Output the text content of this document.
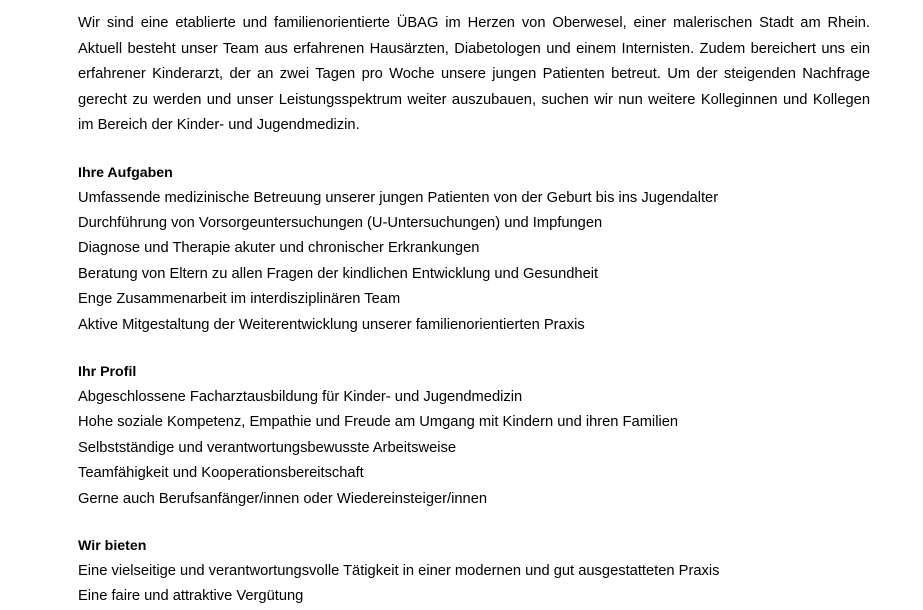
Wir sind eine etablierte und familienorientierte ÜBAG im Herzen von Oberwesel, einer malerischen Stadt am Rhein. Aktuell besteht unser Team aus erfahrenen Hausärzten, Diabetologen und einem Internisten. Zudem bereichert uns ein erfahrener Kinderarzt, der an zwei Tagen pro Woche unsere jungen Patienten betreut. Um der steigenden Nachfrage gerecht zu werden und unser Leistungsspektrum weiter auszubauen, suchen wir nun weitere Kolleginnen und Kollegen im Bereich der Kinder- und Jugendmedizin.

Ihre Aufgaben
Umfassende medizinische Betreuung unserer jungen Patienten von der Geburt bis ins Jugendalter
Durchführung von Vorsorgeuntersuchungen (U-Untersuchungen) und Impfungen
Diagnose und Therapie akuter und chronischer Erkrankungen
Beratung von Eltern zu allen Fragen der kindlichen Entwicklung und Gesundheit
Enge Zusammenarbeit im interdisziplinären Team
Aktive Mitgestaltung der Weiterentwicklung unserer familienorientierten Praxis
Ihr Profil
Abgeschlossene Facharztausbildung für Kinder- und Jugendmedizin
Hohe soziale Kompetenz, Empathie und Freude am Umgang mit Kindern und ihren Familien
Selbstständige und verantwortungsbewusste Arbeitsweise
Teamfähigkeit und Kooperationsbereitschaft
Gerne auch Berufsanfänger/innen oder Wiedereinsteiger/innen
Wir bieten
Eine vielseitige und verantwortungsvolle Tätigkeit in einer modernen und gut ausgestatteten Praxis
Eine faire und attraktive Vergütung
